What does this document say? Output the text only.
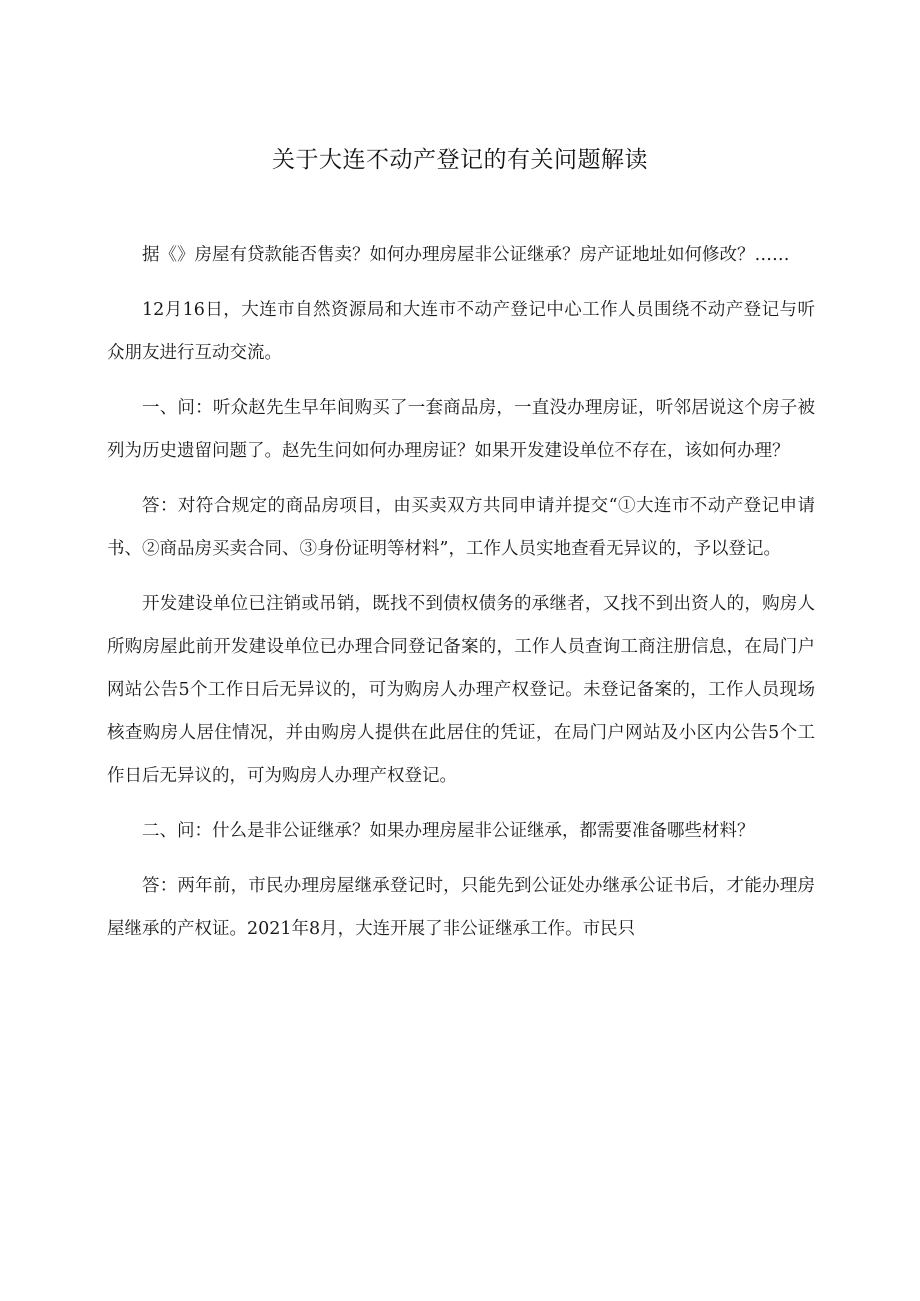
关于大连不动产登记的有关问题解读

据《》房屋有贷款能否售卖？如何办理房屋非公证继承？房产证地址如何修改？……

12月16日，大连市自然资源局和大连市不动产登记中心工作人员围绕不动产登记与听众朋友进行互动交流。

一、问：听众赵先生早年间购买了一套商品房，一直没办理房证，听邻居说这个房子被列为历史遗留问题了。赵先生问如何办理房证？如果开发建设单位不存在，该如何办理？

答：对符合规定的商品房项目，由买卖双方共同申请并提交“①大连市不动产登记申请书、②商品房买卖合同、③身份证明等材料”，工作人员实地查看无异议的，予以登记。

开发建设单位已注销或吊销，既找不到债权债务的承继者，又找不到出资人的，购房人所购房屋此前开发建设单位已办理合同登记备案的，工作人员查询工商注册信息，在局门户网站公告5个工作日后无异议的，可为购房人办理产权登记。未登记备案的，工作人员现场核查购房人居住情况，并由购房人提供在此居住的凭证，在局门户网站及小区内公告5个工作日后无异议的，可为购房人办理产权登记。

二、问：什么是非公证继承？如果办理房屋非公证继承，都需要准备哪些材料？

答：两年前，市民办理房屋继承登记时，只能先到公证处办继承公证书后，才能办理房屋继承的产权证。2021年8月，大连开展了非公证继承工作。市民只
